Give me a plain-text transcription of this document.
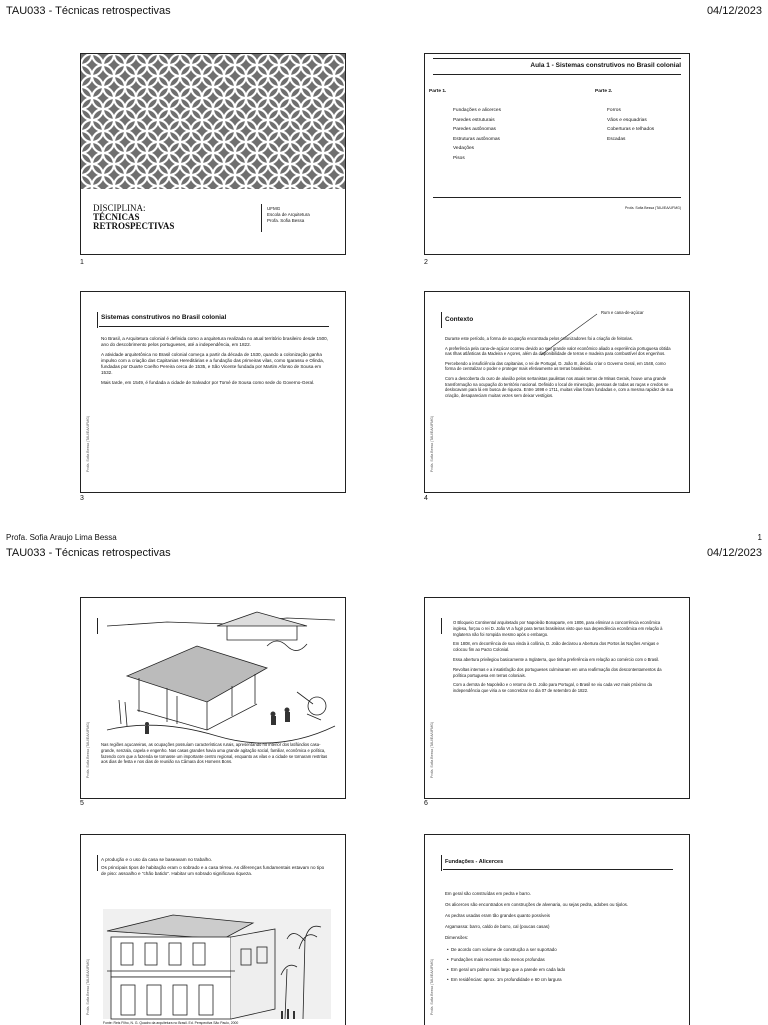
TAU033 - Técnicas retrospectivas	04/12/2023
DISCIPLINA:
TÉCNICAS
RETROSPECTIVAS
UFMG
Escola de Arquitetura
Profa. Sofia Bessa
1
Aula 1 - Sistemas construtivos no Brasil colonial
Parte 1.
Fundações e alicerces
Paredes estruturais
Paredes autônomas
Estruturas autônomas
Vedações
Pisos
Parte 2.
Forros
Vãos e esquadrias
Coberturas e telhados
Escadas
Profa. Sofia Bessa (TAU/EA/UFMG)
2
Sistemas construtivos no Brasil colonial

No Brasil, a Arquitetura colonial é definida como a arquitetura realizada no atual território brasileiro desde 1500, ano do descobrimento pelos portugueses, até a independência, em 1822.

A atividade arquitetônica no Brasil colonial começa a partir da década de 1530, quando a colonização ganha impulso com a criação das Capitanias Hereditárias e a fundação das primeiras vilas, como Igarassu e Olinda, fundadas por Duarte Coelho Pereira cerca de 1535, e São Vicente fundada por Martim Afonso de Sousa em 1532.

Mais tarde, em 1549, é fundada a cidade de Salvador por Tomé de Sousa como sede do Governo-Geral.

Profa. Sofia Bessa (TAU/EA/UFMG)
3
Contexto
Rum e cana-de-açúcar

Durante este período, a forma de ocupação encontrada pelos colonizadores foi a criação de feitorias.

A preferência pela cana-de-açúcar ocorreu devido ao seu grande valor econômico aliado a experiência portuguesa obtida nas Ilhas atlânticas da Madeira e Açores, além da disponibilidade de terras e madeira para combustível dos engenhos.

Percebendo a insuficiência das capitanias, o rei de Portugal, D. João III, decidiu criar o Governo Geral, em 1548, como forma de centralizar o poder e proteger mais efetivamente as terras brasileiras.

Com a descoberta do ouro de aluvião pelos sertanistas paulistas nos atuais terras de Minas Gerais, houve uma grande transformação na ocupação do território nacional. Definido o local de mineração, pessoas de todas as raças e credos se deslocavam para lá em busca de riqueza. Entre 1698 e 1711, muitas vilas foram fundadas e, com a mesma rapidez de sua criação, desapareciam muitas vezes sem deixar vestígios.

Profa. Sofia Bessa (TAU/EA/UFMG)
4
Profa. Sofia Araujo Lima Bessa	1
TAU033 - Técnicas retrospectivas	04/12/2023

Nas regiões açucareiras, as ocupações possuíam características rurais, apresentando no interior dos latifúndios casa-grande, senzala, capela e engenho. Nas casas grandes havia uma grande agitação social, familiar, econômica e política, fazendo com que a fazenda se tornasse um importante centro regional, enquanto as vilas e a cidade se tornaram restritas aos dias de festa e nos dias de reunião na Câmara dos Homens Bons.

Profa. Sofia Bessa (TAU/EA/UFMG)
5

O Bloqueio Continental arquitetado por Napoleão Bonaparte, em 1806, para eliminar a concorrência econômica inglesa, forçou o rei D. João VI a fugir para terras brasileiras visto que sua dependência econômica em relação à Inglaterra não foi rompida mesmo após o embargo.

Em 1808, em decorrência de sua vinda à colônia, D. João declarou a Abertura dos Portos às Nações Amigas e colocou fim ao Pacto Colonial.

Essa abertura privilegiou basicamente a Inglaterra, que tinha preferência em relação ao comércio com o Brasil.

Revoltas internas e a insatisfação dos portugueses culminaram em uma reafirmação dos descontentamentos da política portuguesa em terras coloniais.

Com a derrota de Napoleão e o retorno de D. João para Portugal, o Brasil se viu cada vez mais próximo da independência que viria a se concretizar no dia 07 de setembro de 1822.

Profa. Sofia Bessa (TAU/EA/UFMG)
6

A produção e o uso da casa se baseavam no trabalho.

Os principais tipos de habitação eram o sobrado e a casa térrea. As diferenças fundamentais estavam no tipo de piso: assoalho e "chão batido". Habitar um sobrado significava riqueza.

Fonte: Reis Filho, N. G. Quadro da arquitetura no Brasil. Ed. Perspectiva São Paulo, 2000
Profa. Sofia Bessa (TAU/EA/UFMG)
Fundações - Alicerces

Em geral são construídas em pedra e barro.

Os alicerces são encontrados em construções de alvenaria, ou sejas pedra, adobes ou tijolos.

As pedras usadas eram tão grandes quanto possíveis

Argamassa: barro, caldo de barro, cal (poucas casas)

Dimensões:

•  De acordo com volume de construção a ser suportado
•  Fundações mais recentes são menos profundas
•  Em geral um palmo mais largo que a parede em cada lado
•  Em residências: aprox. 1m profundidade e 60 cm largura
Profa. Sofia Bessa (TAU/EA/UFMG)
